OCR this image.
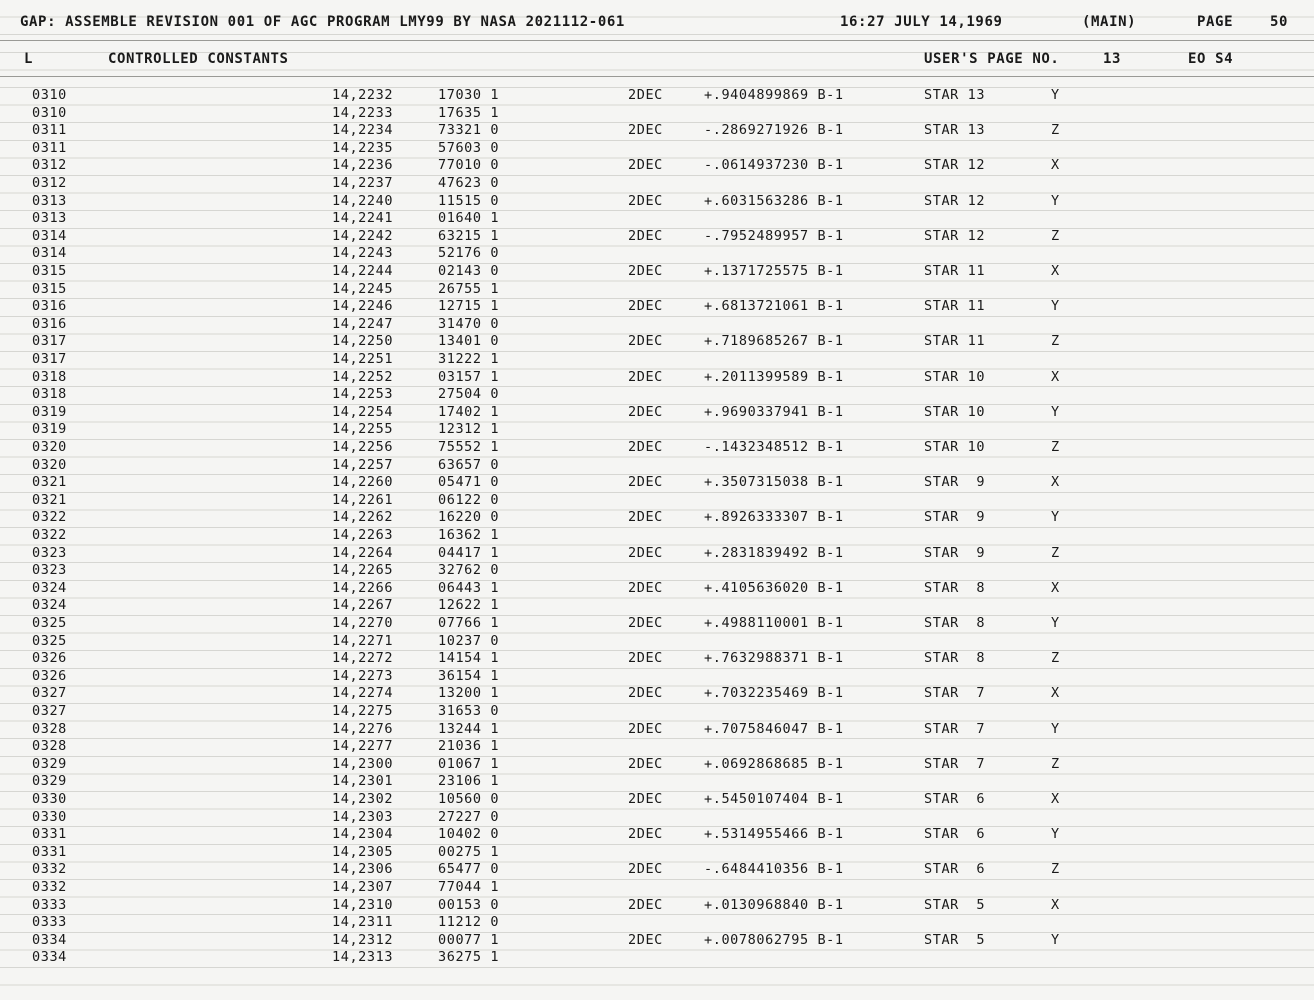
GAP: ASSEMBLE REVISION 001 OF AGC PROGRAM LMY99 BY NASA 2021112-061	16:27 JULY 14,1969	(MAIN)	PAGE	50
L	CONTROLLED CONSTANTS	USER'S PAGE NO.	13	EO S4
0310	14,2232	17030 1	2DEC	+.9404899869 B-1	STAR 13	Y
0310	14,2233	17635 1
0311	14,2234	73321 0	2DEC	-.2869271926 B-1	STAR 13	Z
0311	14,2235	57603 0
0312	14,2236	77010 0	2DEC	-.0614937230 B-1	STAR 12	X
0312	14,2237	47623 0
0313	14,2240	11515 0	2DEC	+.6031563286 B-1	STAR 12	Y
0313	14,2241	01640 1
0314	14,2242	63215 1	2DEC	-.7952489957 B-1	STAR 12	Z
0314	14,2243	52176 0
0315	14,2244	02143 0	2DEC	+.1371725575 B-1	STAR 11	X
0315	14,2245	26755 1
0316	14,2246	12715 1	2DEC	+.6813721061 B-1	STAR 11	Y
0316	14,2247	31470 0
0317	14,2250	13401 0	2DEC	+.7189685267 B-1	STAR 11	Z
0317	14,2251	31222 1
0318	14,2252	03157 1	2DEC	+.2011399589 B-1	STAR 10	X
0318	14,2253	27504 0
0319	14,2254	17402 1	2DEC	+.9690337941 B-1	STAR 10	Y
0319	14,2255	12312 1
0320	14,2256	75552 1	2DEC	-.1432348512 B-1	STAR 10	Z
0320	14,2257	63657 0
0321	14,2260	05471 0	2DEC	+.3507315038 B-1	STAR  9	X
0321	14,2261	06122 0
0322	14,2262	16220 0	2DEC	+.8926333307 B-1	STAR  9	Y
0322	14,2263	16362 1
0323	14,2264	04417 1	2DEC	+.2831839492 B-1	STAR  9	Z
0323	14,2265	32762 0
0324	14,2266	06443 1	2DEC	+.4105636020 B-1	STAR  8	X
0324	14,2267	12622 1
0325	14,2270	07766 1	2DEC	+.4988110001 B-1	STAR  8	Y
0325	14,2271	10237 0
0326	14,2272	14154 1	2DEC	+.7632988371 B-1	STAR  8	Z
0326	14,2273	36154 1
0327	14,2274	13200 1	2DEC	+.7032235469 B-1	STAR  7	X
0327	14,2275	31653 0
0328	14,2276	13244 1	2DEC	+.7075846047 B-1	STAR  7	Y
0328	14,2277	21036 1
0329	14,2300	01067 1	2DEC	+.0692868685 B-1	STAR  7	Z
0329	14,2301	23106 1
0330	14,2302	10560 0	2DEC	+.5450107404 B-1	STAR  6	X
0330	14,2303	27227 0
0331	14,2304	10402 0	2DEC	+.5314955466 B-1	STAR  6	Y
0331	14,2305	00275 1
0332	14,2306	65477 0	2DEC	-.6484410356 B-1	STAR  6	Z
0332	14,2307	77044 1
0333	14,2310	00153 0	2DEC	+.0130968840 B-1	STAR  5	X
0333	14,2311	11212 0
0334	14,2312	00077 1	2DEC	+.0078062795 B-1	STAR  5	Y
0334	14,2313	36275 1
